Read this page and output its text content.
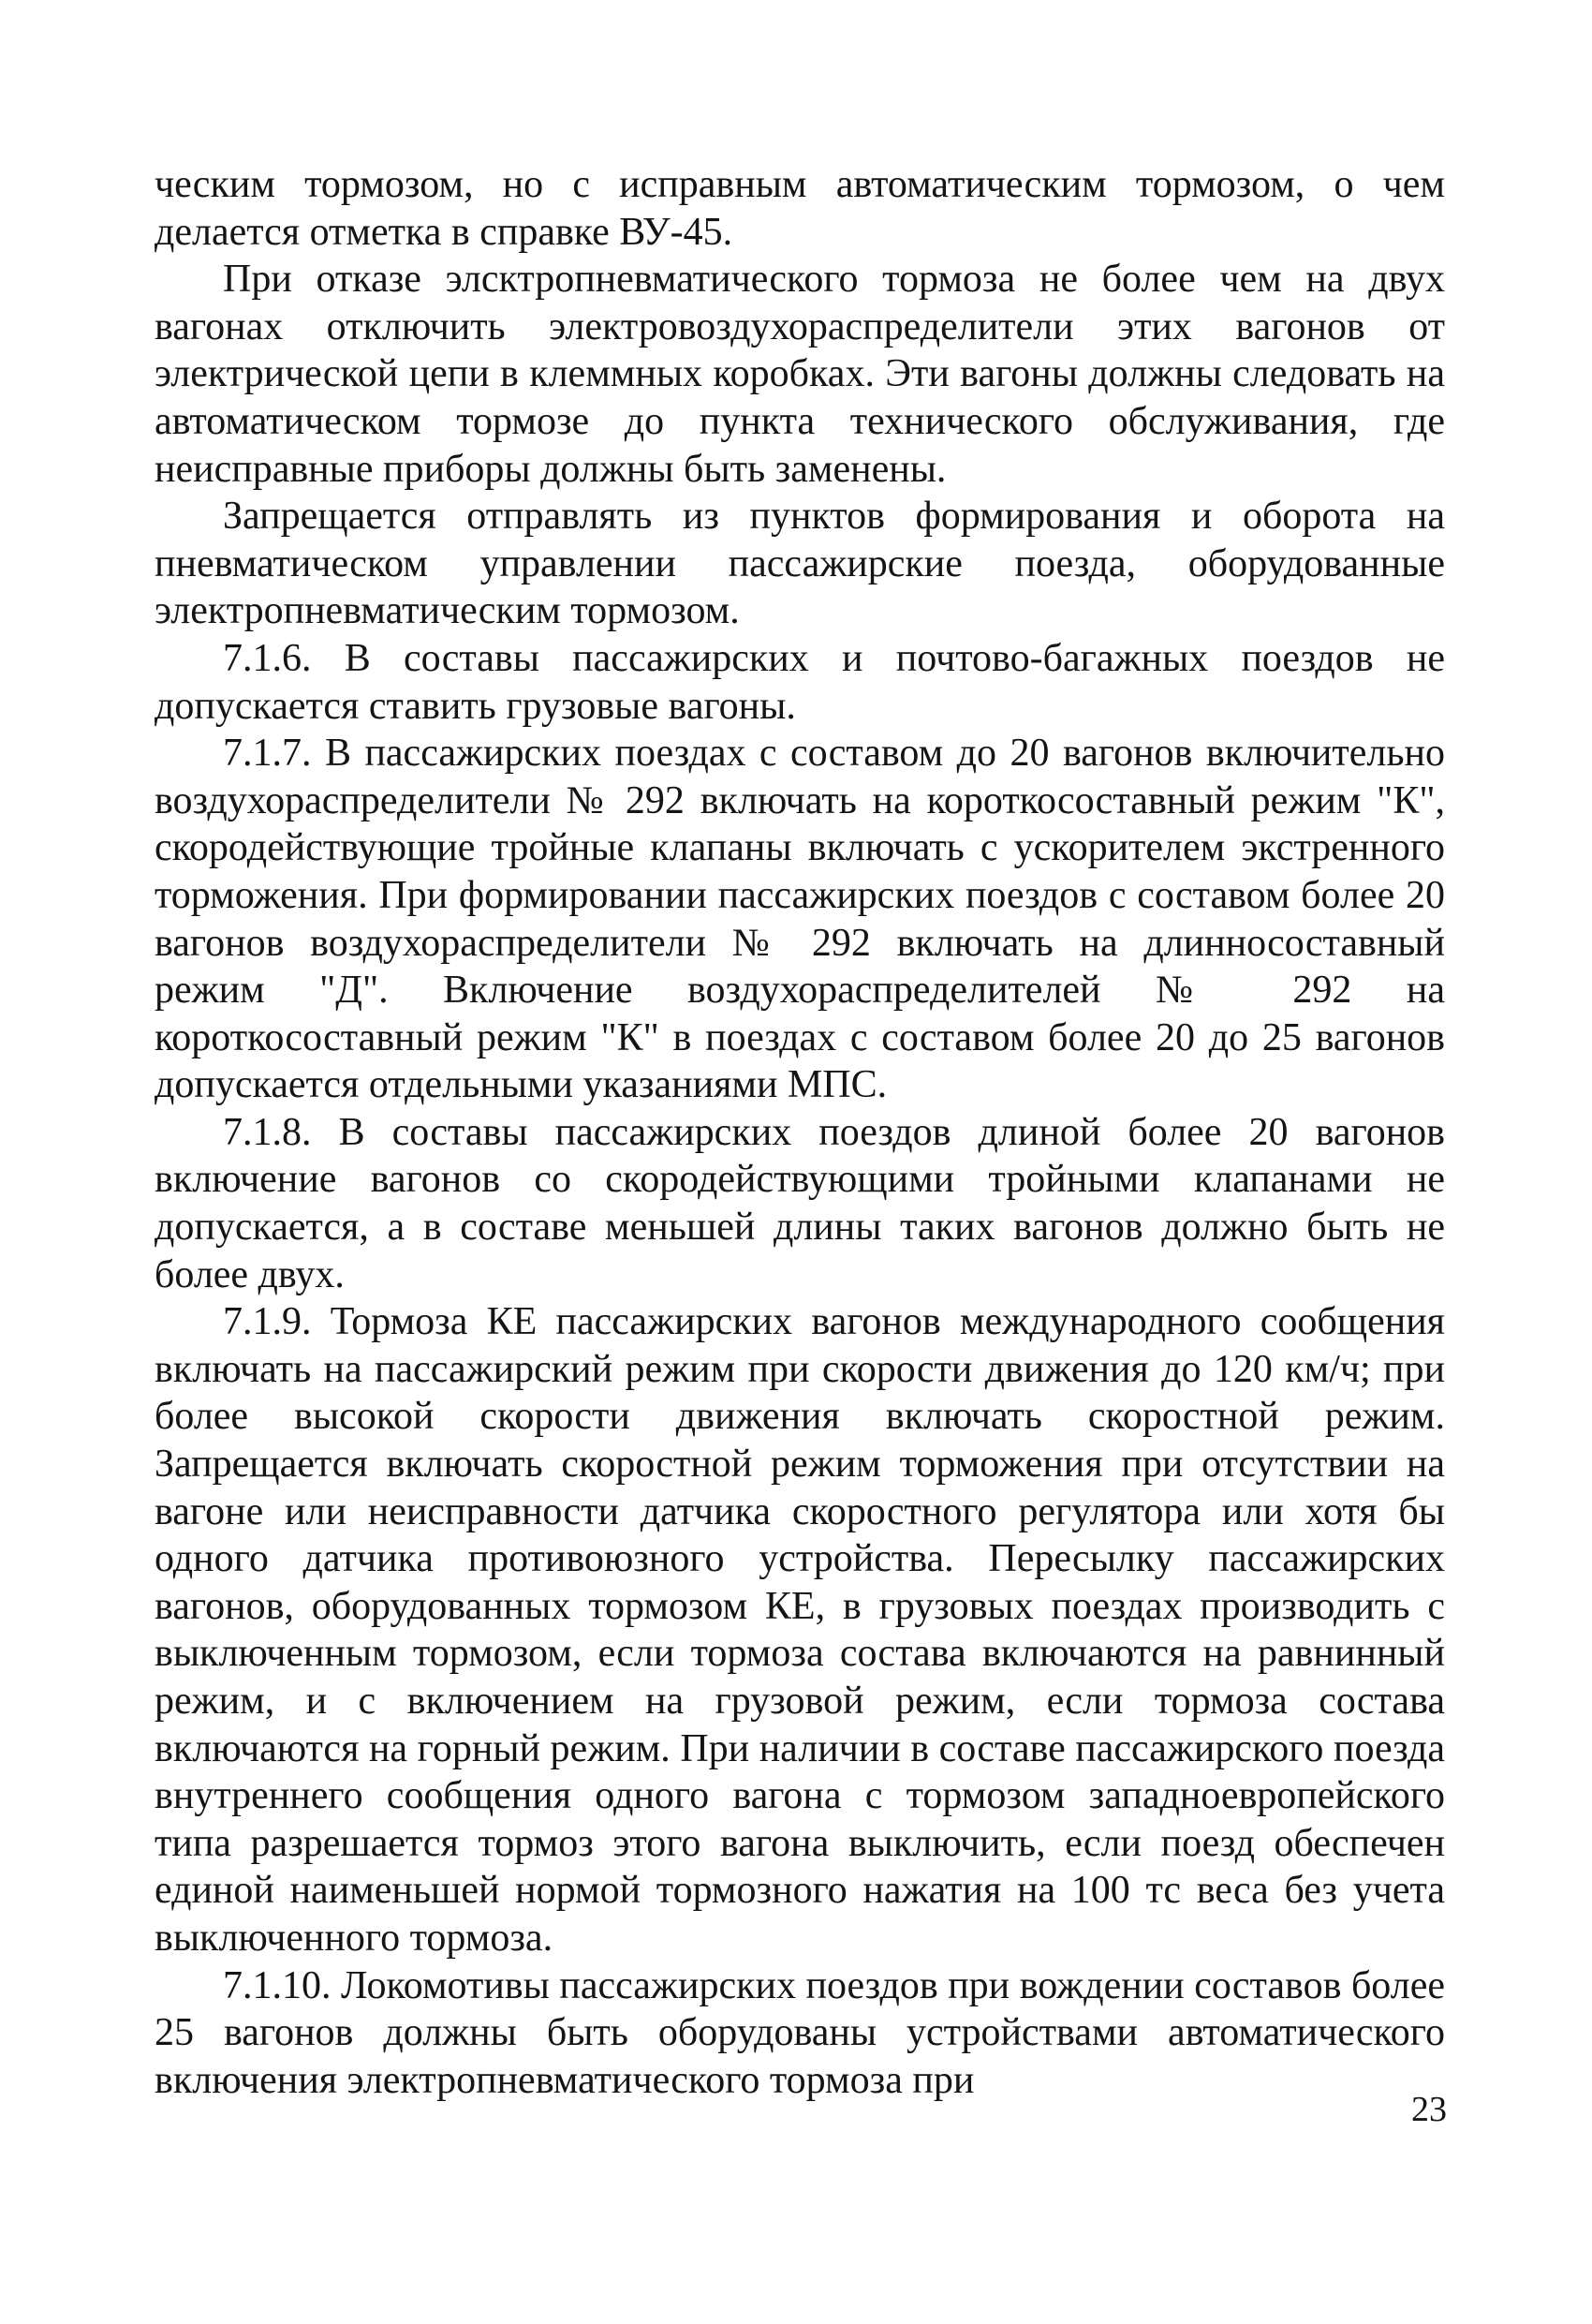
ческим тормозом, но с исправным автоматическим тормозом, о чем делается отметка в справке ВУ-45.

При отказе элсктропневматического тормоза не более чем на двух вагонах отключить электровоздухораспределители этих вагонов от электрической цепи в клеммных коробках. Эти вагоны должны следовать на автоматическом тормозе до пункта технического обслуживания, где неисправные приборы должны быть заменены.

Запрещается отправлять из пунктов формирования и оборота на пневматическом управлении пассажирские поезда, оборудованные электропневматическим тормозом.

7.1.6. В составы пассажирских и почтово-багажных поездов не допускается ставить грузовые вагоны.

7.1.7. В пассажирских поездах с составом до 20 вагонов включительно воздухораспределители № 292 включать на короткосоставный режим "К", скородействующие тройные клапаны включать с ускорителем экстренного торможения. При формировании пассажирских поездов с составом более 20 вагонов воздухораспределители № 292 включать на длинносоставный режим "Д". Включение воздухораспределителей № 292 на короткосоставный режим "К" в поездах с составом более 20 до 25 вагонов допускается отдельными указаниями МПС.

7.1.8. В составы пассажирских поездов длиной более 20 вагонов включение вагонов со скородействующими тройными клапанами не допускается, а в составе меньшей длины таких вагонов должно быть не более двух.

7.1.9. Тормоза КЕ пассажирских вагонов международного сообщения включать на пассажирский режим при скорости движения до 120 км/ч; при более высокой скорости движения включать скоростной режим. Запрещается включать скоростной режим торможения при отсутствии на вагоне или неисправности датчика скоростного регулятора или хотя бы одного датчика противоюзного устройства. Пересылку пассажирских вагонов, оборудованных тормозом КЕ, в грузовых поездах производить с выключенным тормозом, если тормоза состава включаются на равнинный режим, и с включением на грузовой режим, если тормоза состава включаются на горный режим. При наличии в составе пассажирского поезда внутреннего сообщения одного вагона с тормозом западноевропейского типа разрешается тормоз этого вагона выключить, если поезд обеспечен единой наименьшей нормой тормозного нажатия на 100 тс веса без учета выключенного тормоза.

7.1.10. Локомотивы пассажирских поездов при вождении составов более 25 вагонов должны быть оборудованы устройствами автоматического включения электропневматического тормоза при

23
